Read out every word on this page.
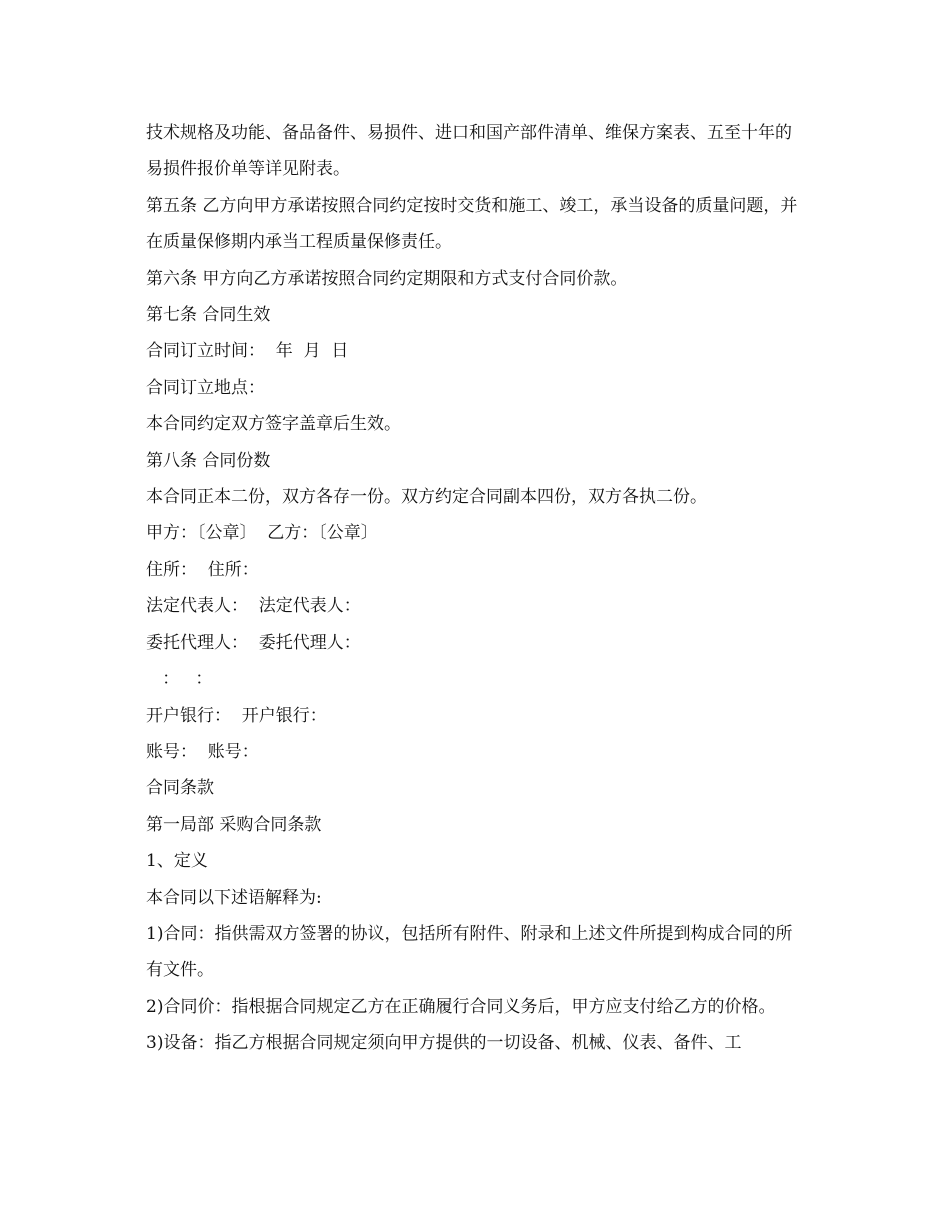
技术规格及功能、备品备件、易损件、进口和国产部件清单、维保方案表、五至十年的易损件报价单等详见附表。

第五条 乙方向甲方承诺按照合同约定按时交货和施工、竣工，承当设备的质量问题，并在质量保修期内承当工程质量保修责任。

第六条 甲方向乙方承诺按照合同约定期限和方式支付合同价款。

第七条 合同生效

合同订立时间：  年  月  日

合同订立地点：

本合同约定双方签字盖章后生效。

第八条 合同份数

本合同正本二份，双方各存一份。双方约定合同副本四份，双方各执二份。

甲方：〔公章〕  乙方：〔公章〕

住所：  住所：

法定代表人：  法定代表人：

委托代理人：  委托代理人：

：   ：

开户银行：  开户银行：

账号：  账号：

合同条款

第一局部 采购合同条款

1、定义

本合同以下述语解释为:

1)合同：指供需双方签署的协议，包括所有附件、附录和上述文件所提到构成合同的所有文件。

2)合同价：指根据合同规定乙方在正确履行合同义务后，甲方应支付给乙方的价格。

3)设备：指乙方根据合同规定须向甲方提供的一切设备、机械、仪表、备件、工
